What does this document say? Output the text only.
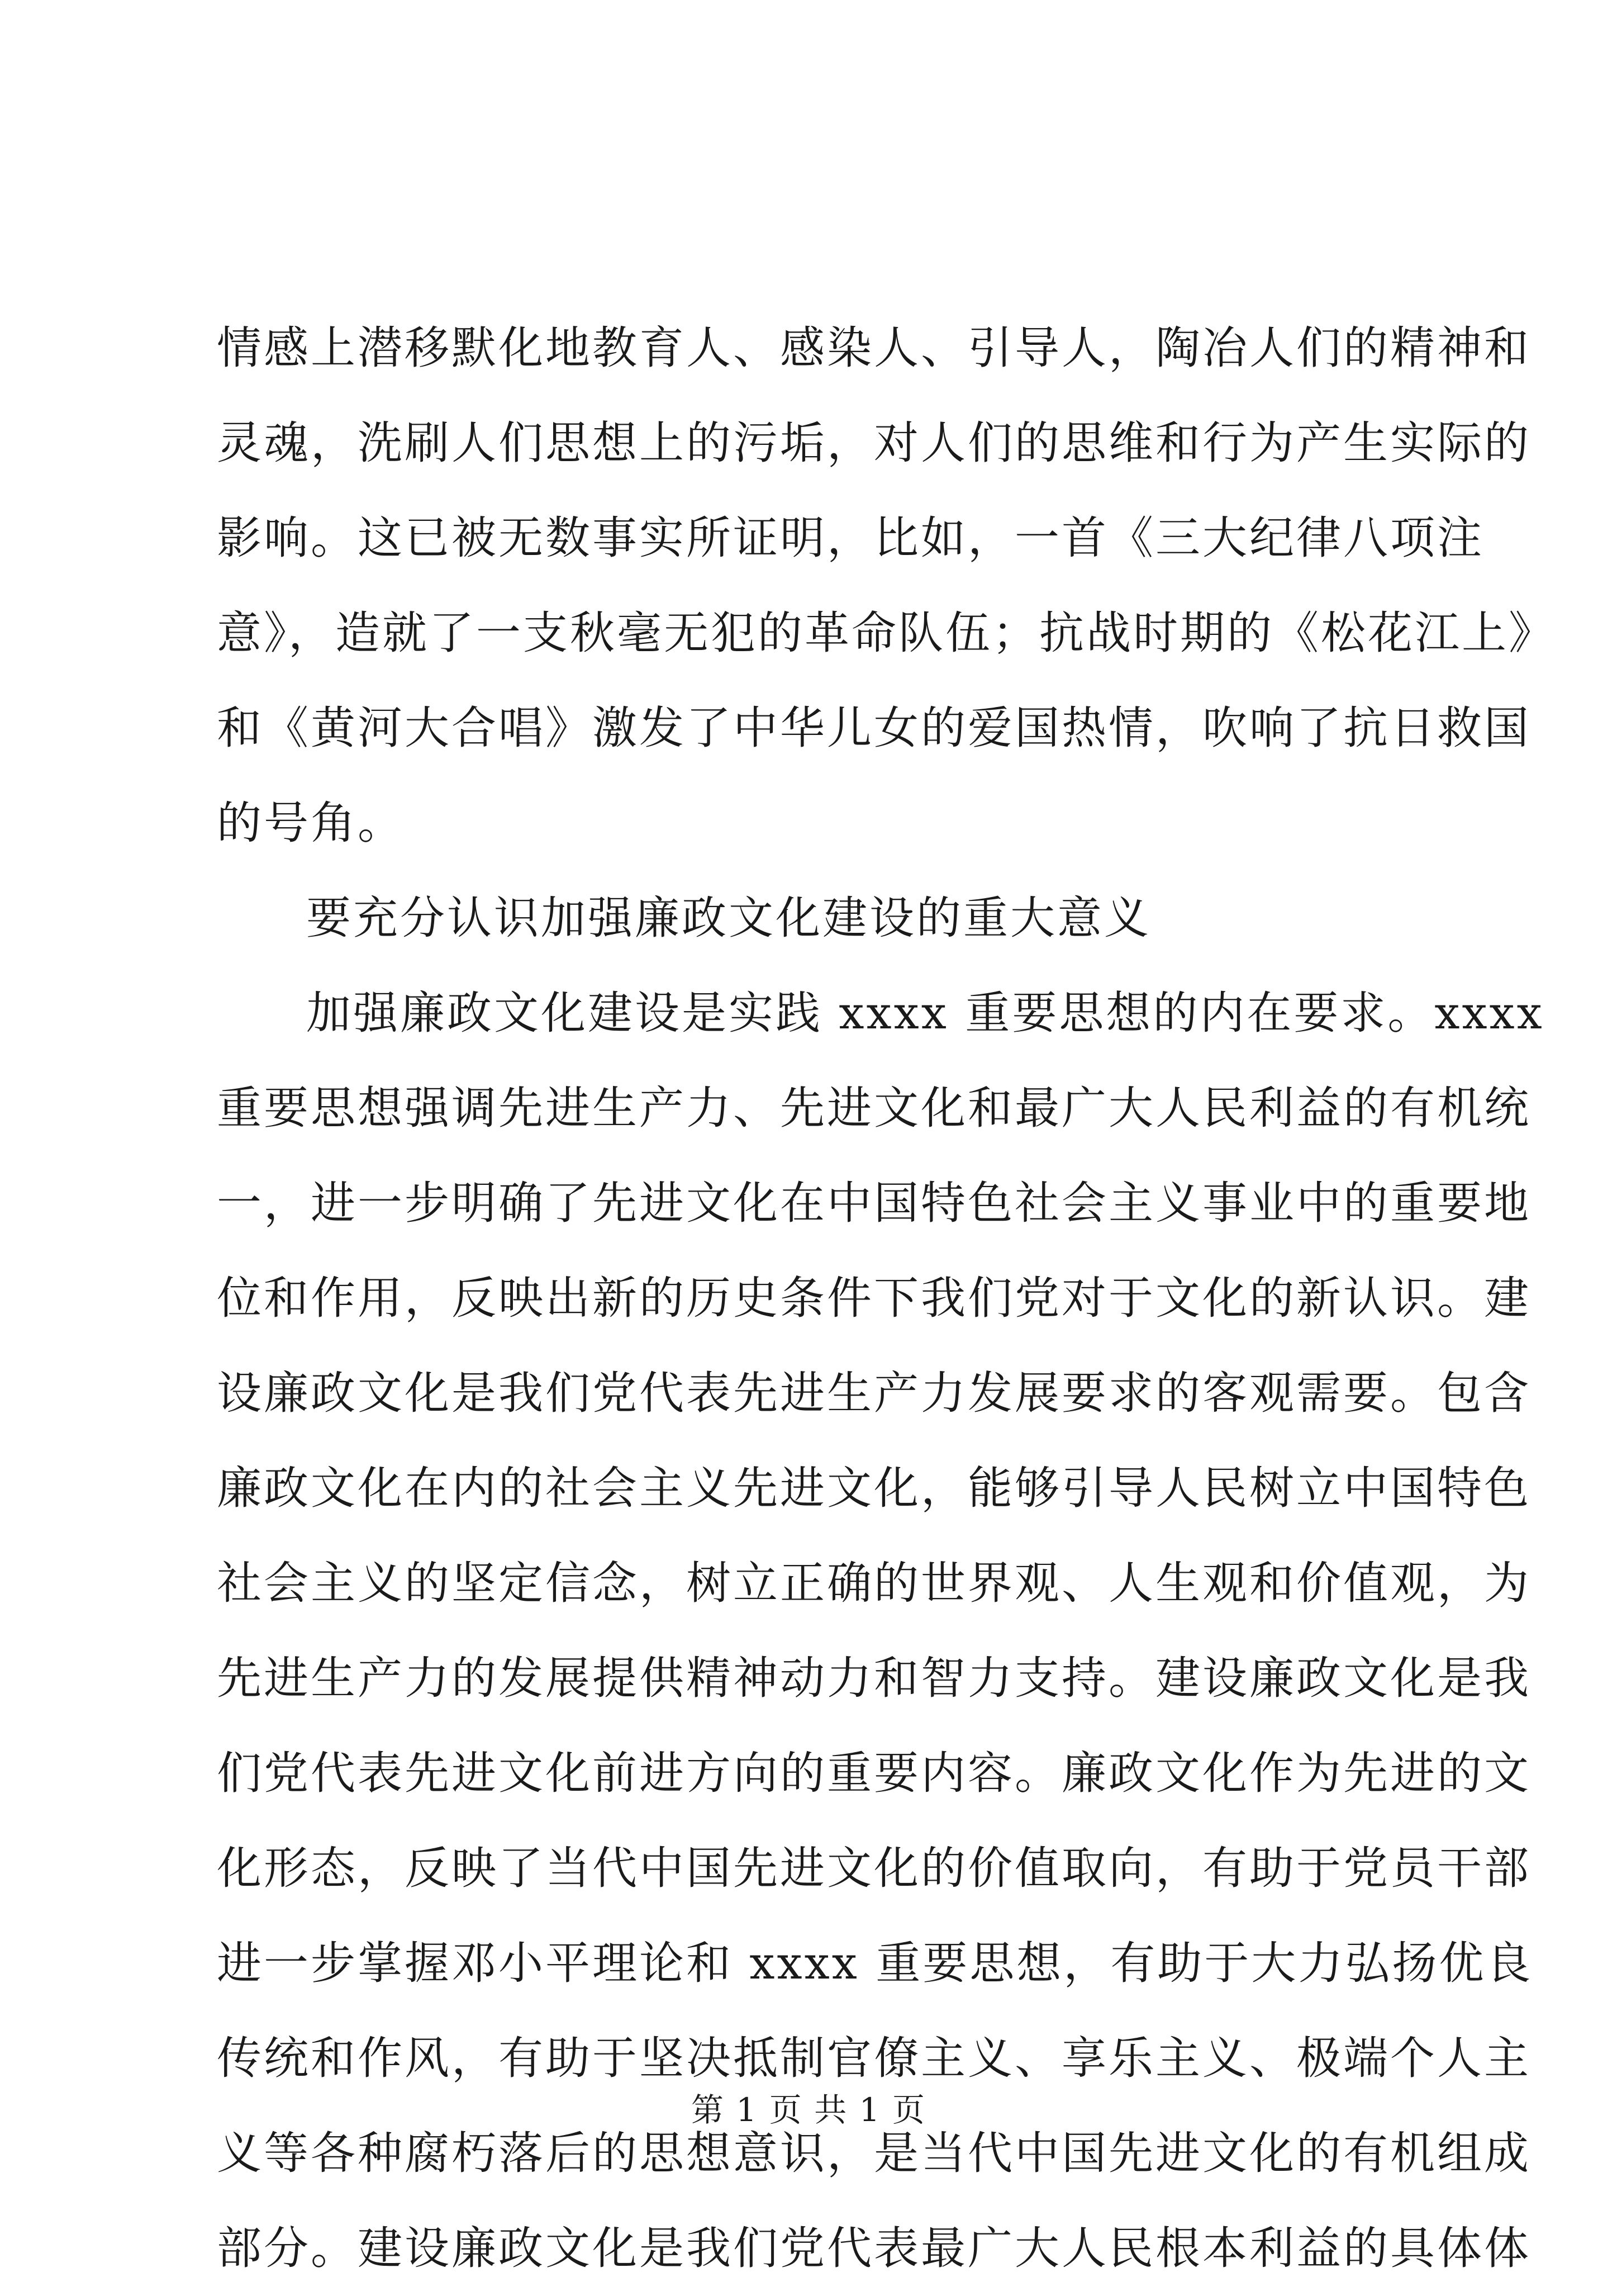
情感上潜移默化地教育人、感染人、引导人，陶冶人们的精神和
灵魂，洗刷人们思想上的污垢，对人们的思维和行为产生实际的
影响。这已被无数事实所证明，比如，一首《三大纪律八项注
意》，造就了一支秋毫无犯的革命队伍；抗战时期的《松花江上》
和《黄河大合唱》激发了中华儿女的爱国热情，吹响了抗日救国
的号角。
要充分认识加强廉政文化建设的重大意义
加强廉政文化建设是实践 xxxx 重要思想的内在要求。xxxx
重要思想强调先进生产力、先进文化和最广大人民利益的有机统
一，进一步明确了先进文化在中国特色社会主义事业中的重要地
位和作用，反映出新的历史条件下我们党对于文化的新认识。建
设廉政文化是我们党代表先进生产力发展要求的客观需要。包含
廉政文化在内的社会主义先进文化，能够引导人民树立中国特色
社会主义的坚定信念，树立正确的世界观、人生观和价值观，为
先进生产力的发展提供精神动力和智力支持。建设廉政文化是我
们党代表先进文化前进方向的重要内容。廉政文化作为先进的文
化形态，反映了当代中国先进文化的价值取向，有助于党员干部
进一步掌握邓小平理论和 xxxx 重要思想，有助于大力弘扬优良
传统和作风，有助于坚决抵制官僚主义、享乐主义、极端个人主
义等各种腐朽落后的思想意识，是当代中国先进文化的有机组成
部分。建设廉政文化是我们党代表最广大人民根本利益的具体体
第 1 页 共 1 页
